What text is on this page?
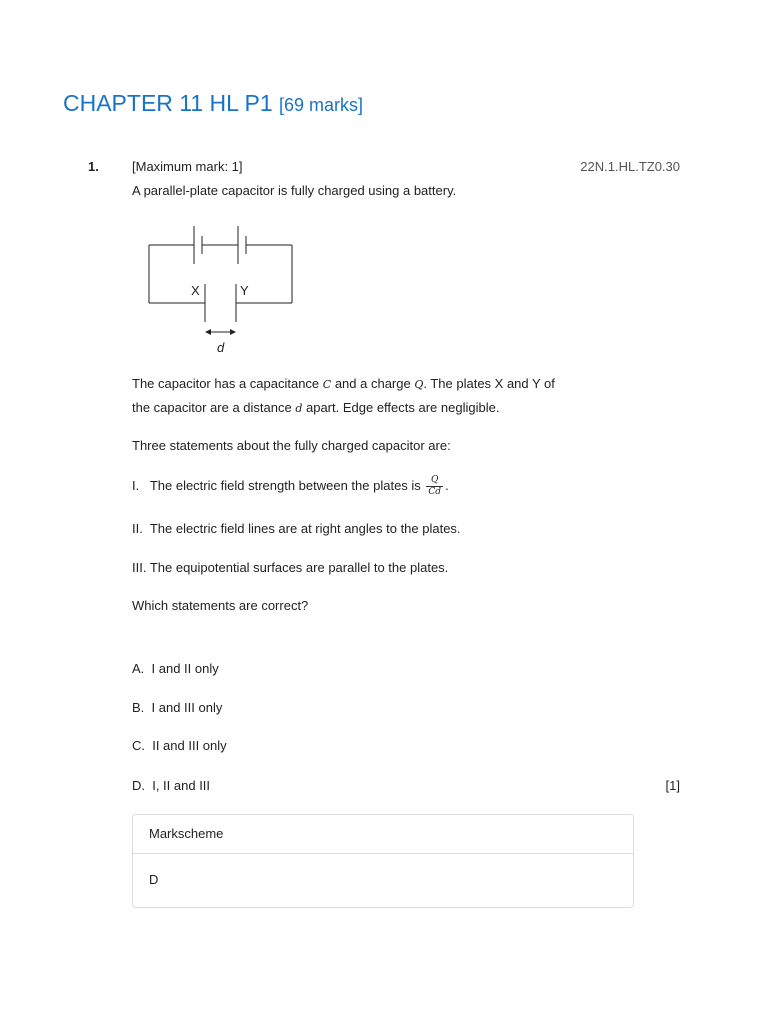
CHAPTER 11 HL P1 [69 marks]
1.	[Maximum mark: 1]	22N.1.HL.TZ0.30
A parallel-plate capacitor is fully charged using a battery.
X	Y
d
The capacitor has a capacitance C and a charge Q. The plates X and Y of
the capacitor are a distance d apart. Edge effects are negligible.
Three statements about the fully charged capacitor are:
I.   The electric field strength between the plates is $\frac{Q}{Cd}$ .
II.  The electric field lines are at right angles to the plates.
III. The equipotential surfaces are parallel to the plates.
Which statements are correct?
A.  I and II only
B.  I and III only
C.  II and III only
D.  I, II and III	[1]
Markscheme
D
